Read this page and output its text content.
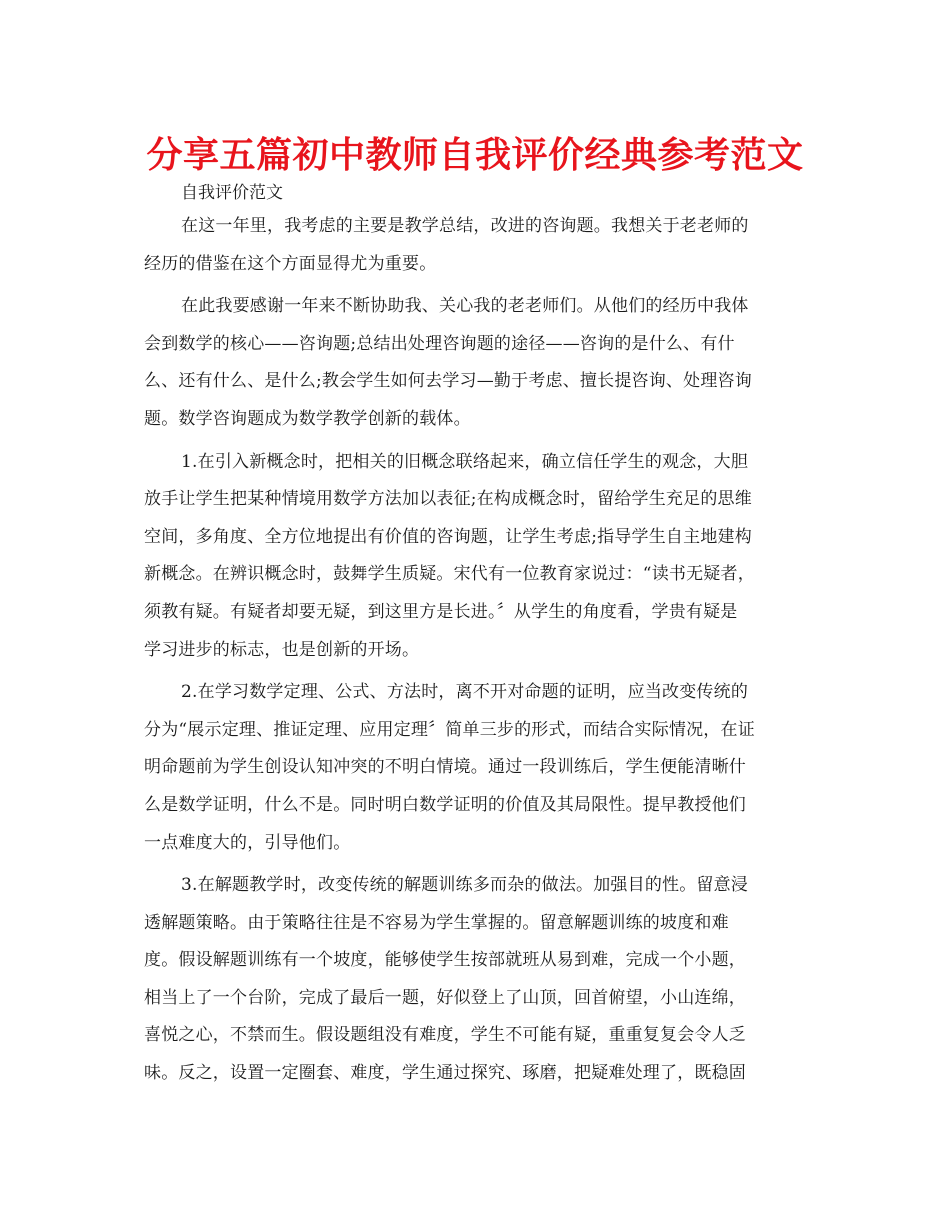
分享五篇初中教师自我评价经典参考范文
自我评价范文

在这一年里，我考虑的主要是教学总结，改进的咨询题。我想关于老老师的
经历的借鉴在这个方面显得尤为重要。

在此我要感谢一年来不断协助我、关心我的老老师们。从他们的经历中我体
会到数学的核心——咨询题;总结出处理咨询题的途径——咨询的是什么、有什
么、还有什么、是什么;教会学生如何去学习—勤于考虑、擅长提咨询、处理咨询
题。数学咨询题成为数学教学创新的载体。

1.在引入新概念时，把相关的旧概念联络起来，确立信任学生的观念，大胆
放手让学生把某种情境用数学方法加以表征;在构成概念时，留给学生充足的思维
空间，多角度、全方位地提出有价值的咨询题，让学生考虑;指导学生自主地建构
新概念。在辨识概念时，鼓舞学生质疑。宋代有一位教育家说过：“读书无疑者，
须教有疑。有疑者却要无疑，到这里方是长进。〞从学生的角度看，学贵有疑是
学习进步的标志，也是创新的开场。

2.在学习数学定理、公式、方法时，离不开对命题的证明，应当改变传统的
分为“展示定理、推证定理、应用定理〞简单三步的形式，而结合实际情况，在证
明命题前为学生创设认知冲突的不明白情境。通过一段训练后，学生便能清晰什
么是数学证明，什么不是。同时明白数学证明的价值及其局限性。提早教授他们
一点难度大的，引导他们。

3.在解题教学时，改变传统的解题训练多而杂的做法。加强目的性。留意浸
透解题策略。由于策略往往是不容易为学生掌握的。留意解题训练的坡度和难
度。假设解题训练有一个坡度，能够使学生按部就班从易到难，完成一个小题，
相当上了一个台阶，完成了最后一题，好似登上了山顶，回首俯望，小山连绵，
喜悦之心，不禁而生。假设题组没有难度，学生不可能有疑，重重复复会令人乏
味。反之，设置一定圈套、难度，学生通过探究、琢磨，把疑难处理了，既稳固
